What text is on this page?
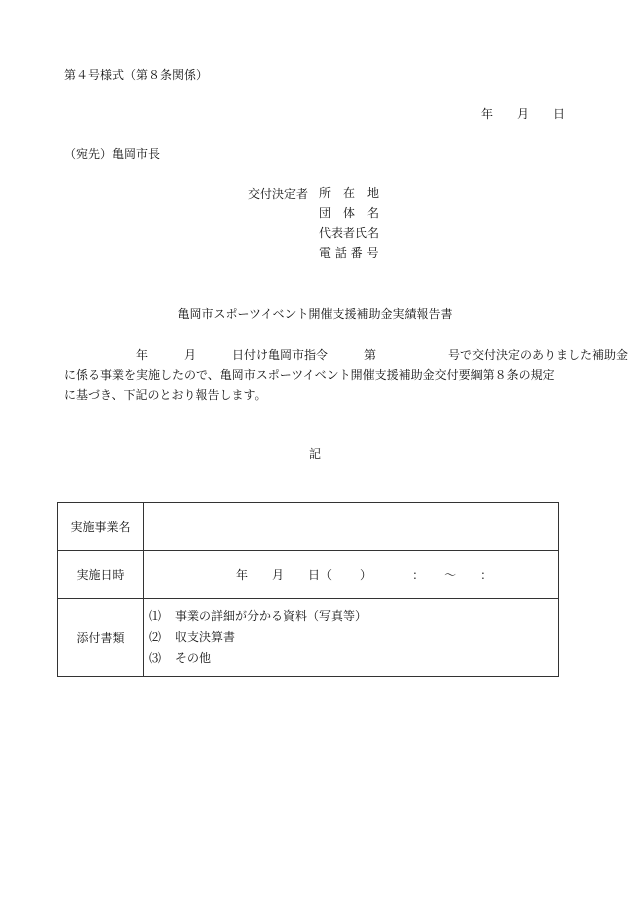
第４号様式（第８条関係）
年 月 日
（宛先）亀岡市長
交付決定者 所　在　地
団　体　名
代表者氏名
電 話 番 号
亀岡市スポーツイベント開催支援補助金実績報告書
　　　　　　年　　　月　　　日付け亀岡市指令　　　第　　　　　　号で交付決定のありました補助金
に係る事業を実施したので、亀岡市スポーツイベント開催支援補助金交付要綱第８条の規定
に基づき、下記のとおり報告します。
記
実施事業名	
実施日時	年 月 日（ ） ： ～ ：
添付書類	⑴ 事業の詳細が分かる資料（写真等）
⑵ 収支決算書
⑶ その他
